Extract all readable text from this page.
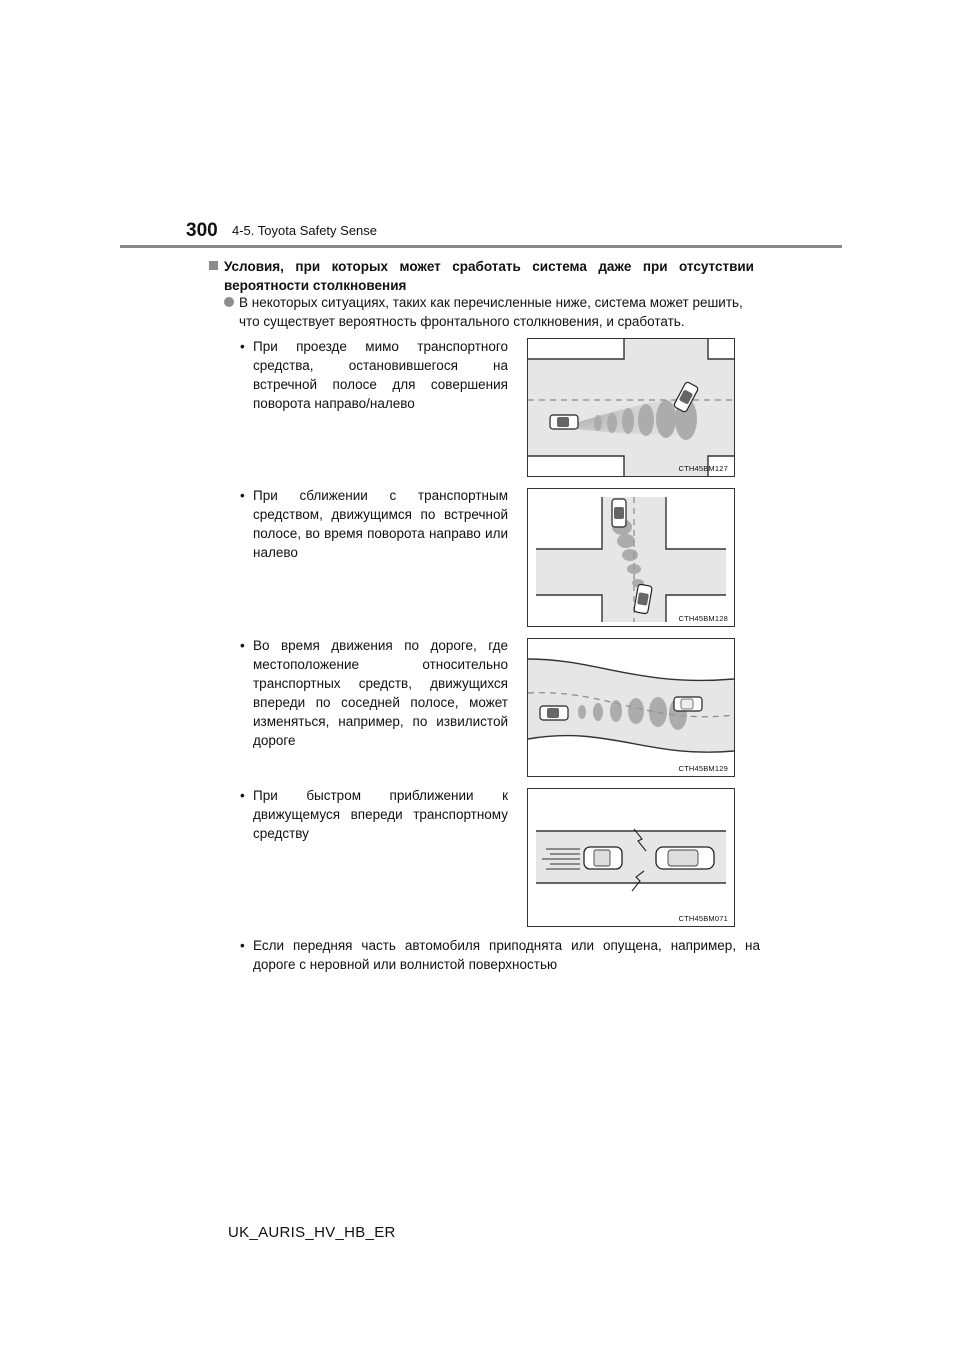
300 4-5. Toyota Safety Sense
Условия, при которых может сработать система даже при отсутствии
вероятности столкновения
В некоторых ситуациях, таких как перечисленные ниже, система может решить, что существует вероятность фронтального столкновения, и сработать.
• При проезде мимо транспортного средства, остановившегося на встречной полосе для совершения поворота направо/налево
CTH45BM127
• При сближении с транспортным средством, движущимся по встречной полосе, во время поворота направо или налево
CTH45BM128
• Во время движения по дороге, где местоположение относительно транспортных средств, движущихся впереди по соседней полосе, может изменяться, например, по извилистой дороге
CTH45BM129
• При быстром приближении к движущемуся впереди транспортному средству
CTH45BM071
• Если передняя часть автомобиля приподнята или опущена, например, на дороге с неровной или волнистой поверхностью
UK_AURIS_HV_HB_ER
